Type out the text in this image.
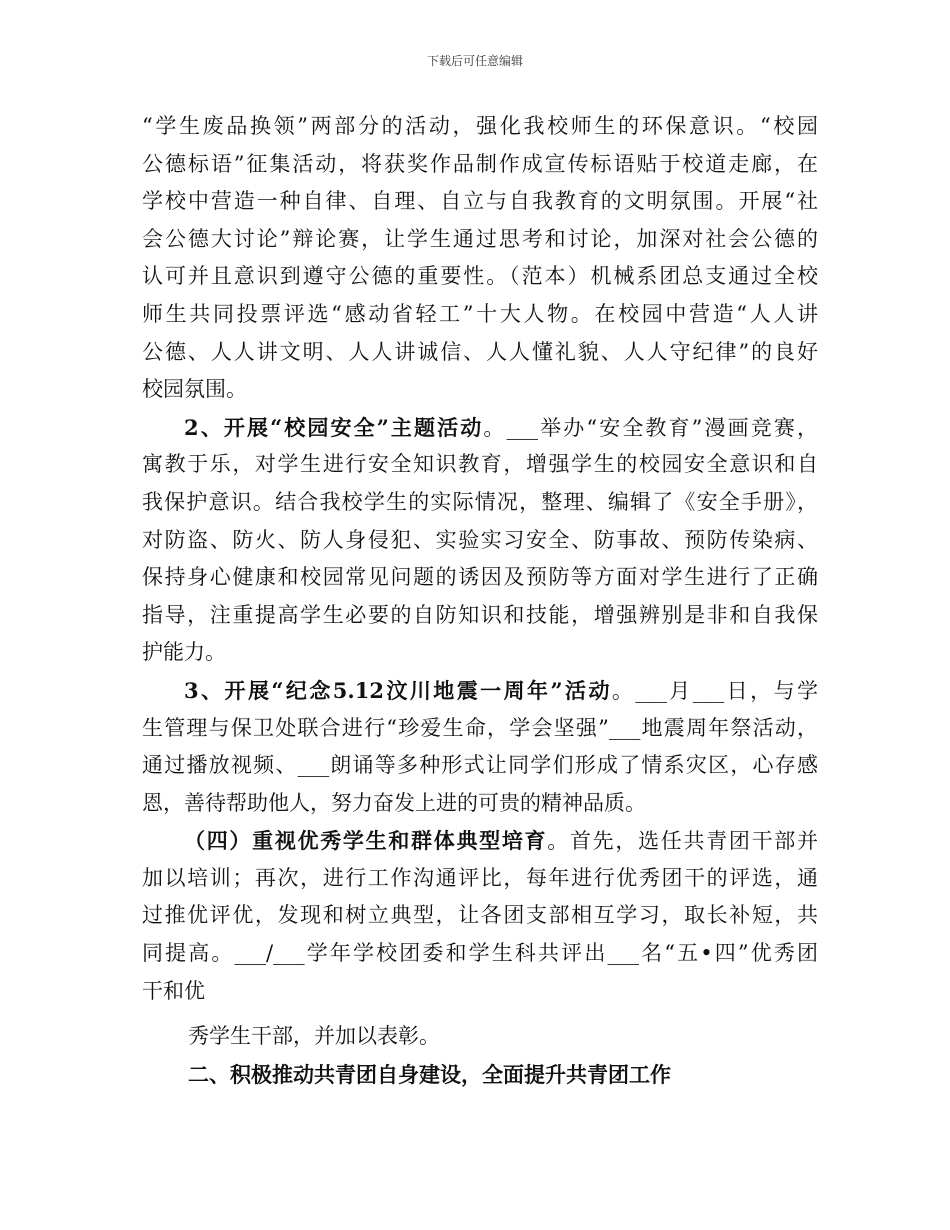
下载后可任意编辑
“学生废品换领”两部分的活动，强化我校师生的环保意识。“校园
公德标语”征集活动，将获奖作品制作成宣传标语贴于校道走廊，在
学校中营造一种自律、自理、自立与自我教育的文明氛围。开展“社
会公德大讨论”辩论赛，让学生通过思考和讨论，加深对社会公德的
认可并且意识到遵守公德的重要性。（范本）机械系团总支通过全校
师生共同投票评选“感动省轻工”十大人物。在校园中营造“人人讲
公德、人人讲文明、人人讲诚信、人人懂礼貌、人人守纪律”的良好
校园氛围。
2、开展“校园安全”主题活动。___举办“安全教育”漫画竞赛，
寓教于乐，对学生进行安全知识教育，增强学生的校园安全意识和自
我保护意识。结合我校学生的实际情况，整理、编辑了《安全手册》，
对防盗、防火、防人身侵犯、实验实习安全、防事故、预防传染病、
保持身心健康和校园常见问题的诱因及预防等方面对学生进行了正确
指导，注重提高学生必要的自防知识和技能，增强辨别是非和自我保
护能力。
3、开展“纪念5.12汶川地震一周年”活动。___月___日，与学
生管理与保卫处联合进行“珍爱生命，学会坚强”___地震周年祭活动，
通过播放视频、___朗诵等多种形式让同学们形成了情系灾区，心存感
恩，善待帮助他人，努力奋发上进的可贵的精神品质。
（四）重视优秀学生和群体典型培育。首先，选任共青团干部并
加以培训；再次，进行工作沟通评比，每年进行优秀团干的评选，通
过推优评优，发现和树立典型，让各团支部相互学习，取长补短，共
同提高。___/___学年学校团委和学生科共评出___名“五•四”优秀团
干和优
秀学生干部，并加以表彰。
二、积极推动共青团自身建设，全面提升共青团工作
